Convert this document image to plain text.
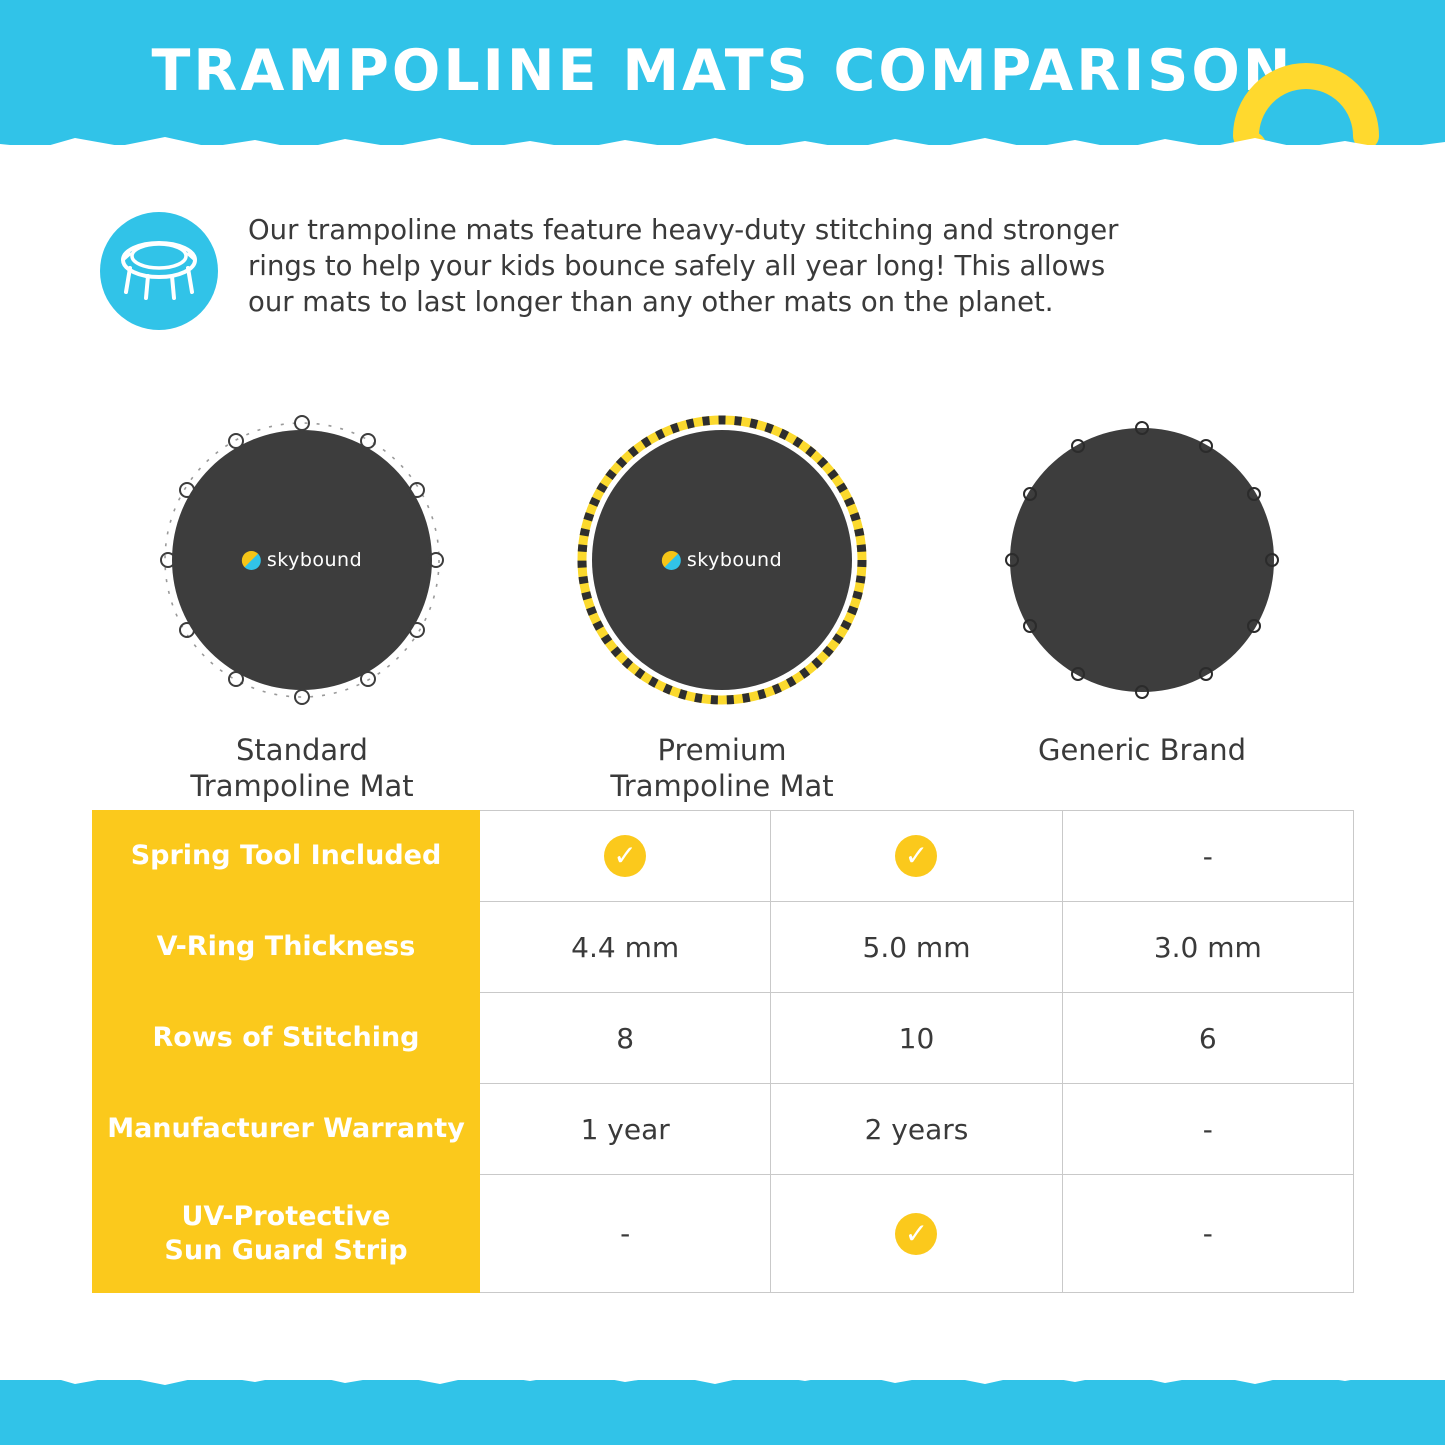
TRAMPOLINE MATS COMPARISON
Our trampoline mats feature heavy-duty stitching and stronger rings to help your kids bounce safely all year long! This allows our mats to last longer than any other mats on the planet.
skybound
Standard
Trampoline Mat
skybound
Premium
Trampoline Mat
Generic Brand
Spring Tool Included	✓	✓	-
V-Ring Thickness	4.4 mm	5.0 mm	3.0 mm
Rows of Stitching	8	10	6
Manufacturer Warranty	1 year	2 years	-

UV-Protective
Sun Guard Strip	-	✓	-
